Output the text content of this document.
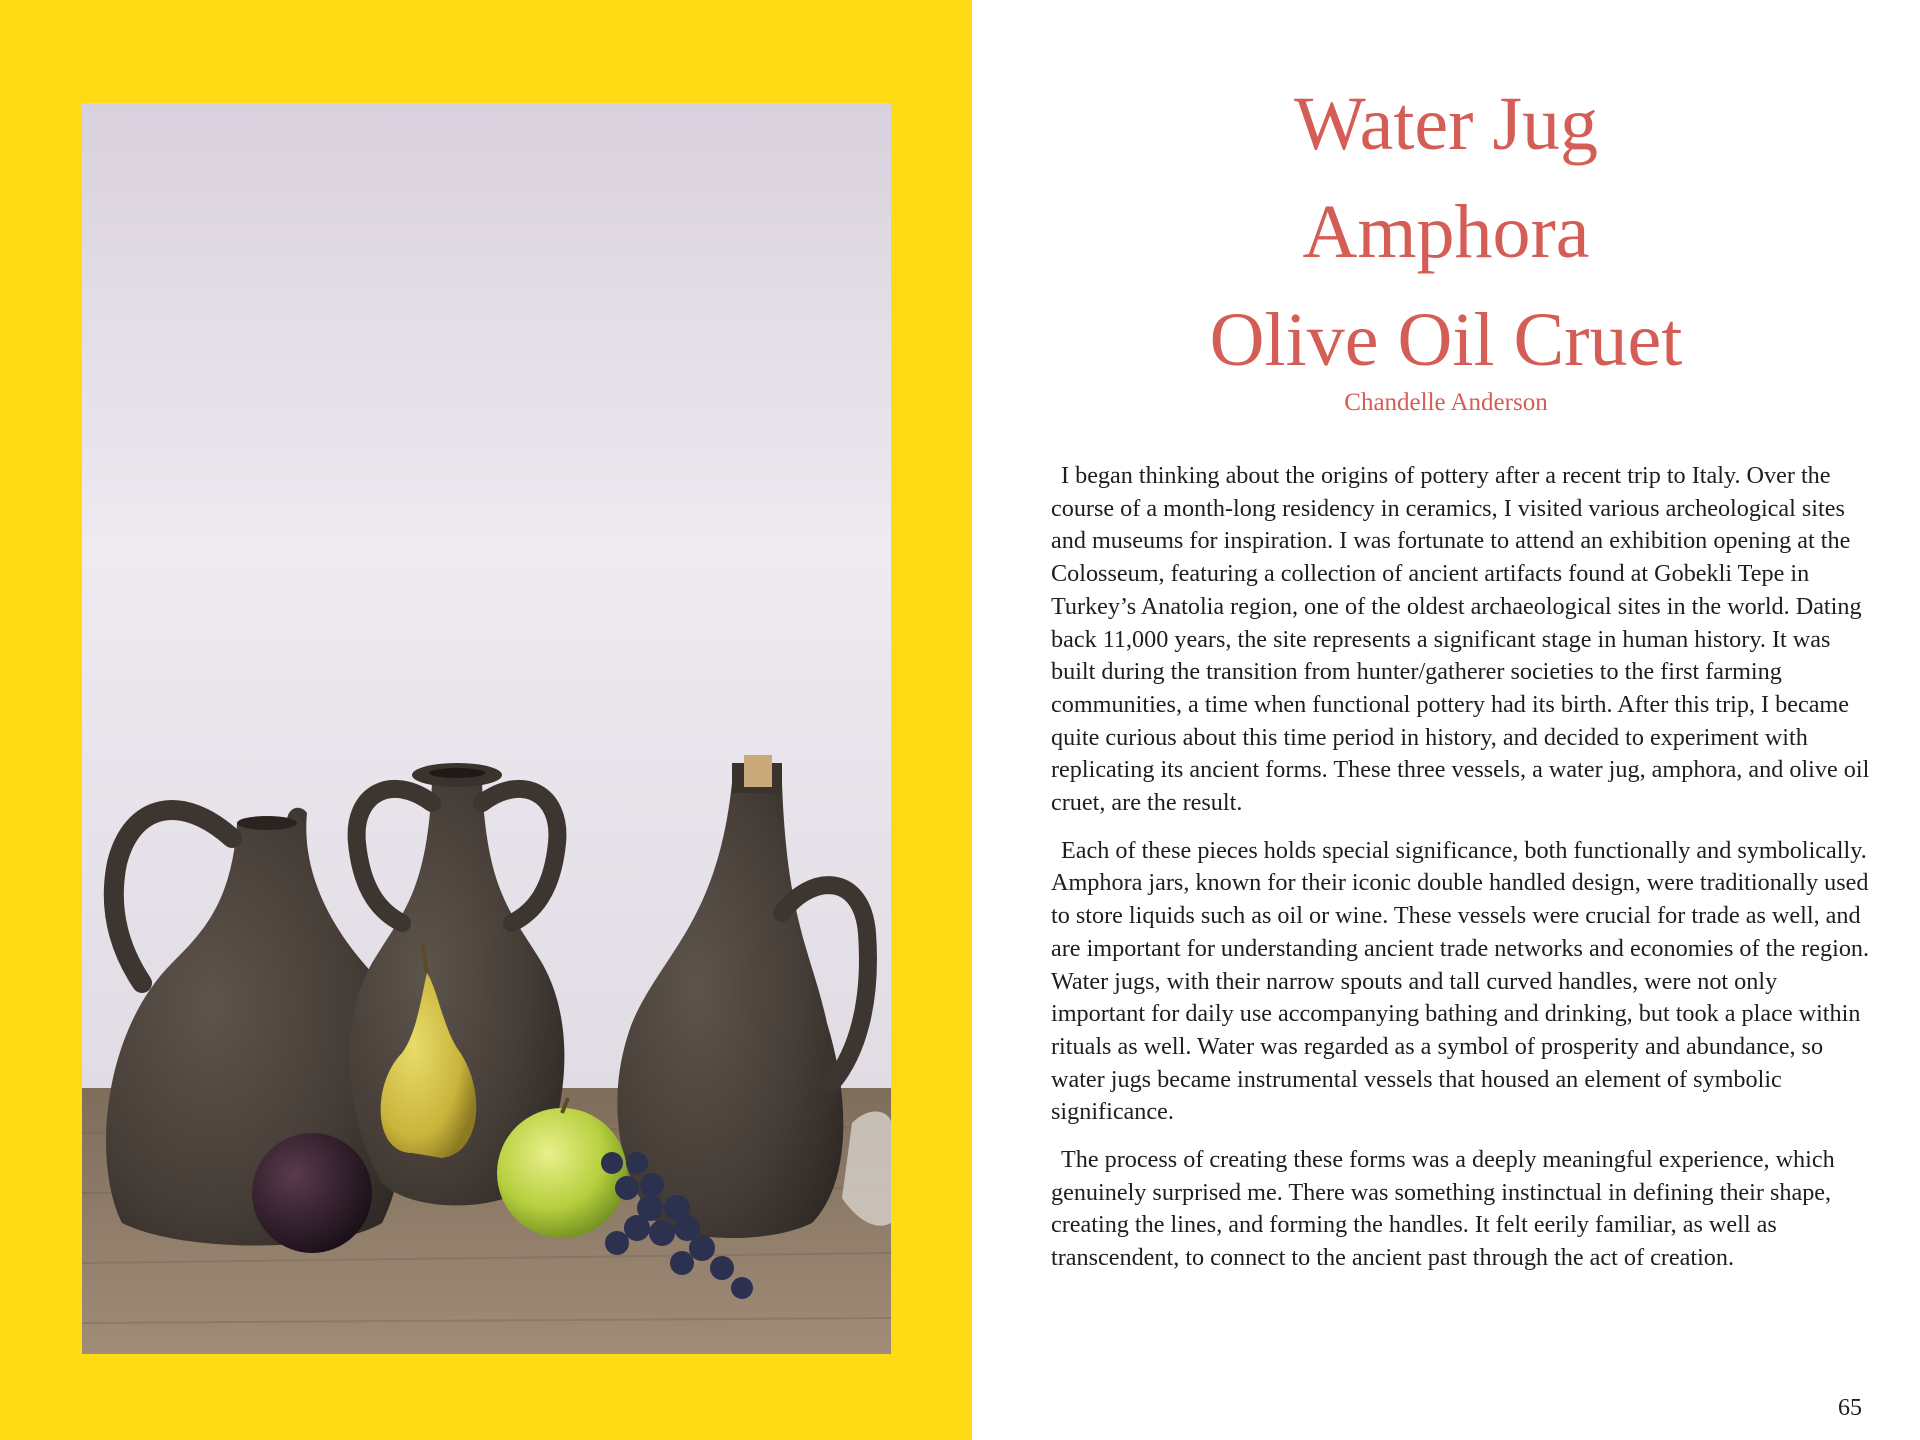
Water Jug
Amphora
Olive Oil Cruet
Chandelle Anderson

I began thinking about the origins of pottery after a recent trip to Italy. Over the course of a month-long residency in ceramics, I visited various archeological sites and museums for inspiration. I was fortunate to attend an exhibition opening at the Colosseum, featuring a collection of ancient artifacts found at Gobekli Tepe in Turkey’s Anatolia region, one of the oldest archaeological sites in the world. Dating back 11,000 years, the site represents a significant stage in human history. It was built during the transition from hunter/gatherer societies to the first farming communities, a time when functional pottery had its birth. After this trip, I became quite curious about this time period in history, and decided to experiment with replicating its ancient forms. These three vessels, a water jug, amphora, and olive oil cruet, are the result.

Each of these pieces holds special significance, both functionally and symbolically. Amphora jars, known for their iconic double handled design, were traditionally used to store liquids such as oil or wine. These vessels were crucial for trade as well, and are important for understanding ancient trade networks and economies of the region. Water jugs, with their narrow spouts and tall curved handles, were not only important for daily use accompanying bathing and drinking, but took a place within rituals as well. Water was regarded as a symbol of prosperity and abundance, so water jugs became instrumental vessels that housed an element of symbolic significance.

The process of creating these forms was a deeply meaningful experience, which genuinely surprised me. There was something instinctual in defining their shape, creating the lines, and forming the handles. It felt eerily familiar, as well as transcendent, to connect to the ancient past through the act of creation.

65
